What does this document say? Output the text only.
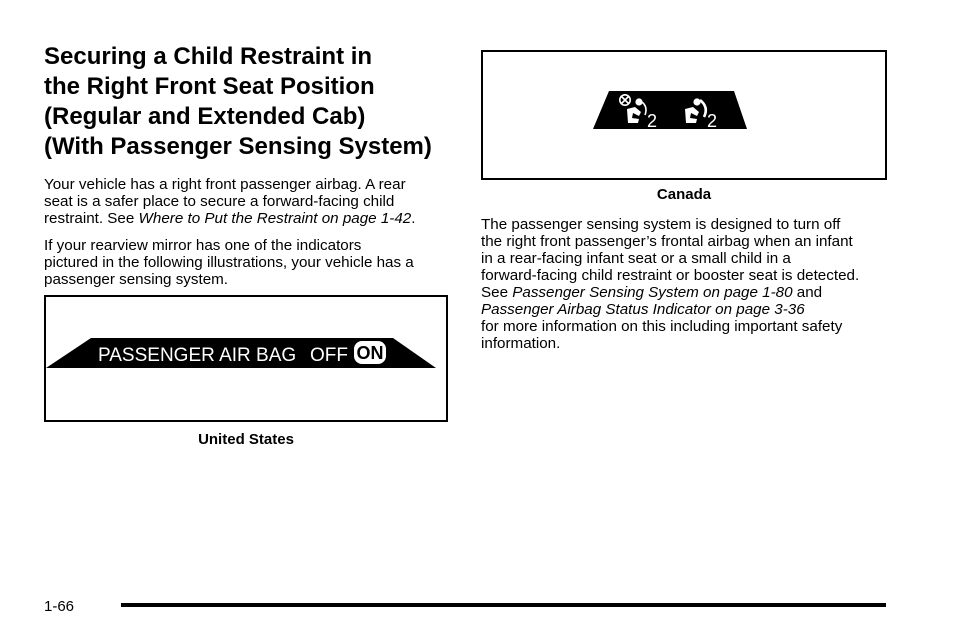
Securing a Child Restraint in
the Right Front Seat Position
(Regular and Extended Cab)
(With Passenger Sensing System)

Your vehicle has a right front passenger airbag. A rear
seat is a safer place to secure a forward-facing child
restraint. See Where to Put the Restraint on page 1-42.

If your rearview mirror has one of the indicators
pictured in the following illustrations, your vehicle has a
passenger sensing system.

PASSENGER AIR BAG OFF ON
United States
2	2
Canada

The passenger sensing system is designed to turn off
the right front passenger’s frontal airbag when an infant
in a rear-facing infant seat or a small child in a
forward-facing child restraint or booster seat is detected.
See Passenger Sensing System on page 1-80 and
Passenger Airbag Status Indicator on page 3-36
for more information on this including important safety
information.

1-66
